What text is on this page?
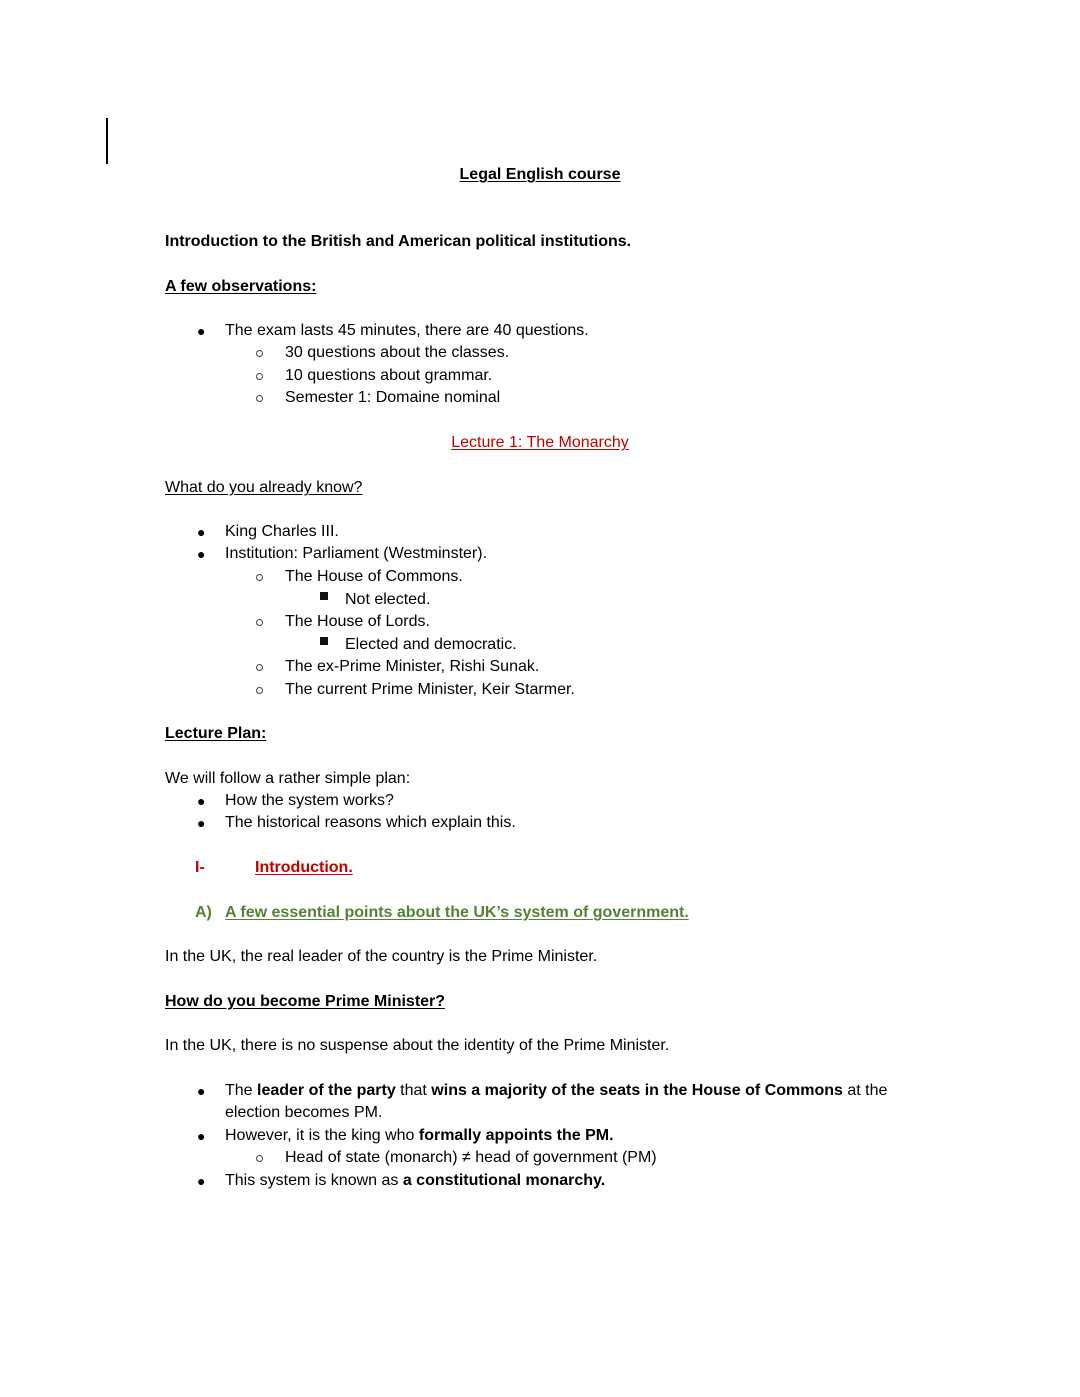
Legal English course
Introduction to the British and American political institutions.
A few observations:
● The exam lasts 45 minutes, there are 40 questions.
30 questions about the classes.
10 questions about grammar.
Semester 1: Domaine nominal
Lecture 1: The Monarchy
What do you already know?
● King Charles III.
● Institution: Parliament (Westminster).
The House of Commons.
Not elected.
The House of Lords.
Elected and democratic.
The ex-Prime Minister, Rishi Sunak.
The current Prime Minister, Keir Starmer.
Lecture Plan:
We will follow a rather simple plan:
● How the system works?
● The historical reasons which explain this.
I-	Introduction.
A) A few essential points about the UK’s system of government.
In the UK, the real leader of the country is the Prime Minister.
How do you become Prime Minister?
In the UK, there is no suspense about the identity of the Prime Minister.
● The leader of the party that wins a majority of the seats in the House of Commons at the
election becomes PM.
● However, it is the king who formally appoints the PM.
Head of state (monarch) ≠ head of government (PM)
● This system is known as a constitutional monarchy.
